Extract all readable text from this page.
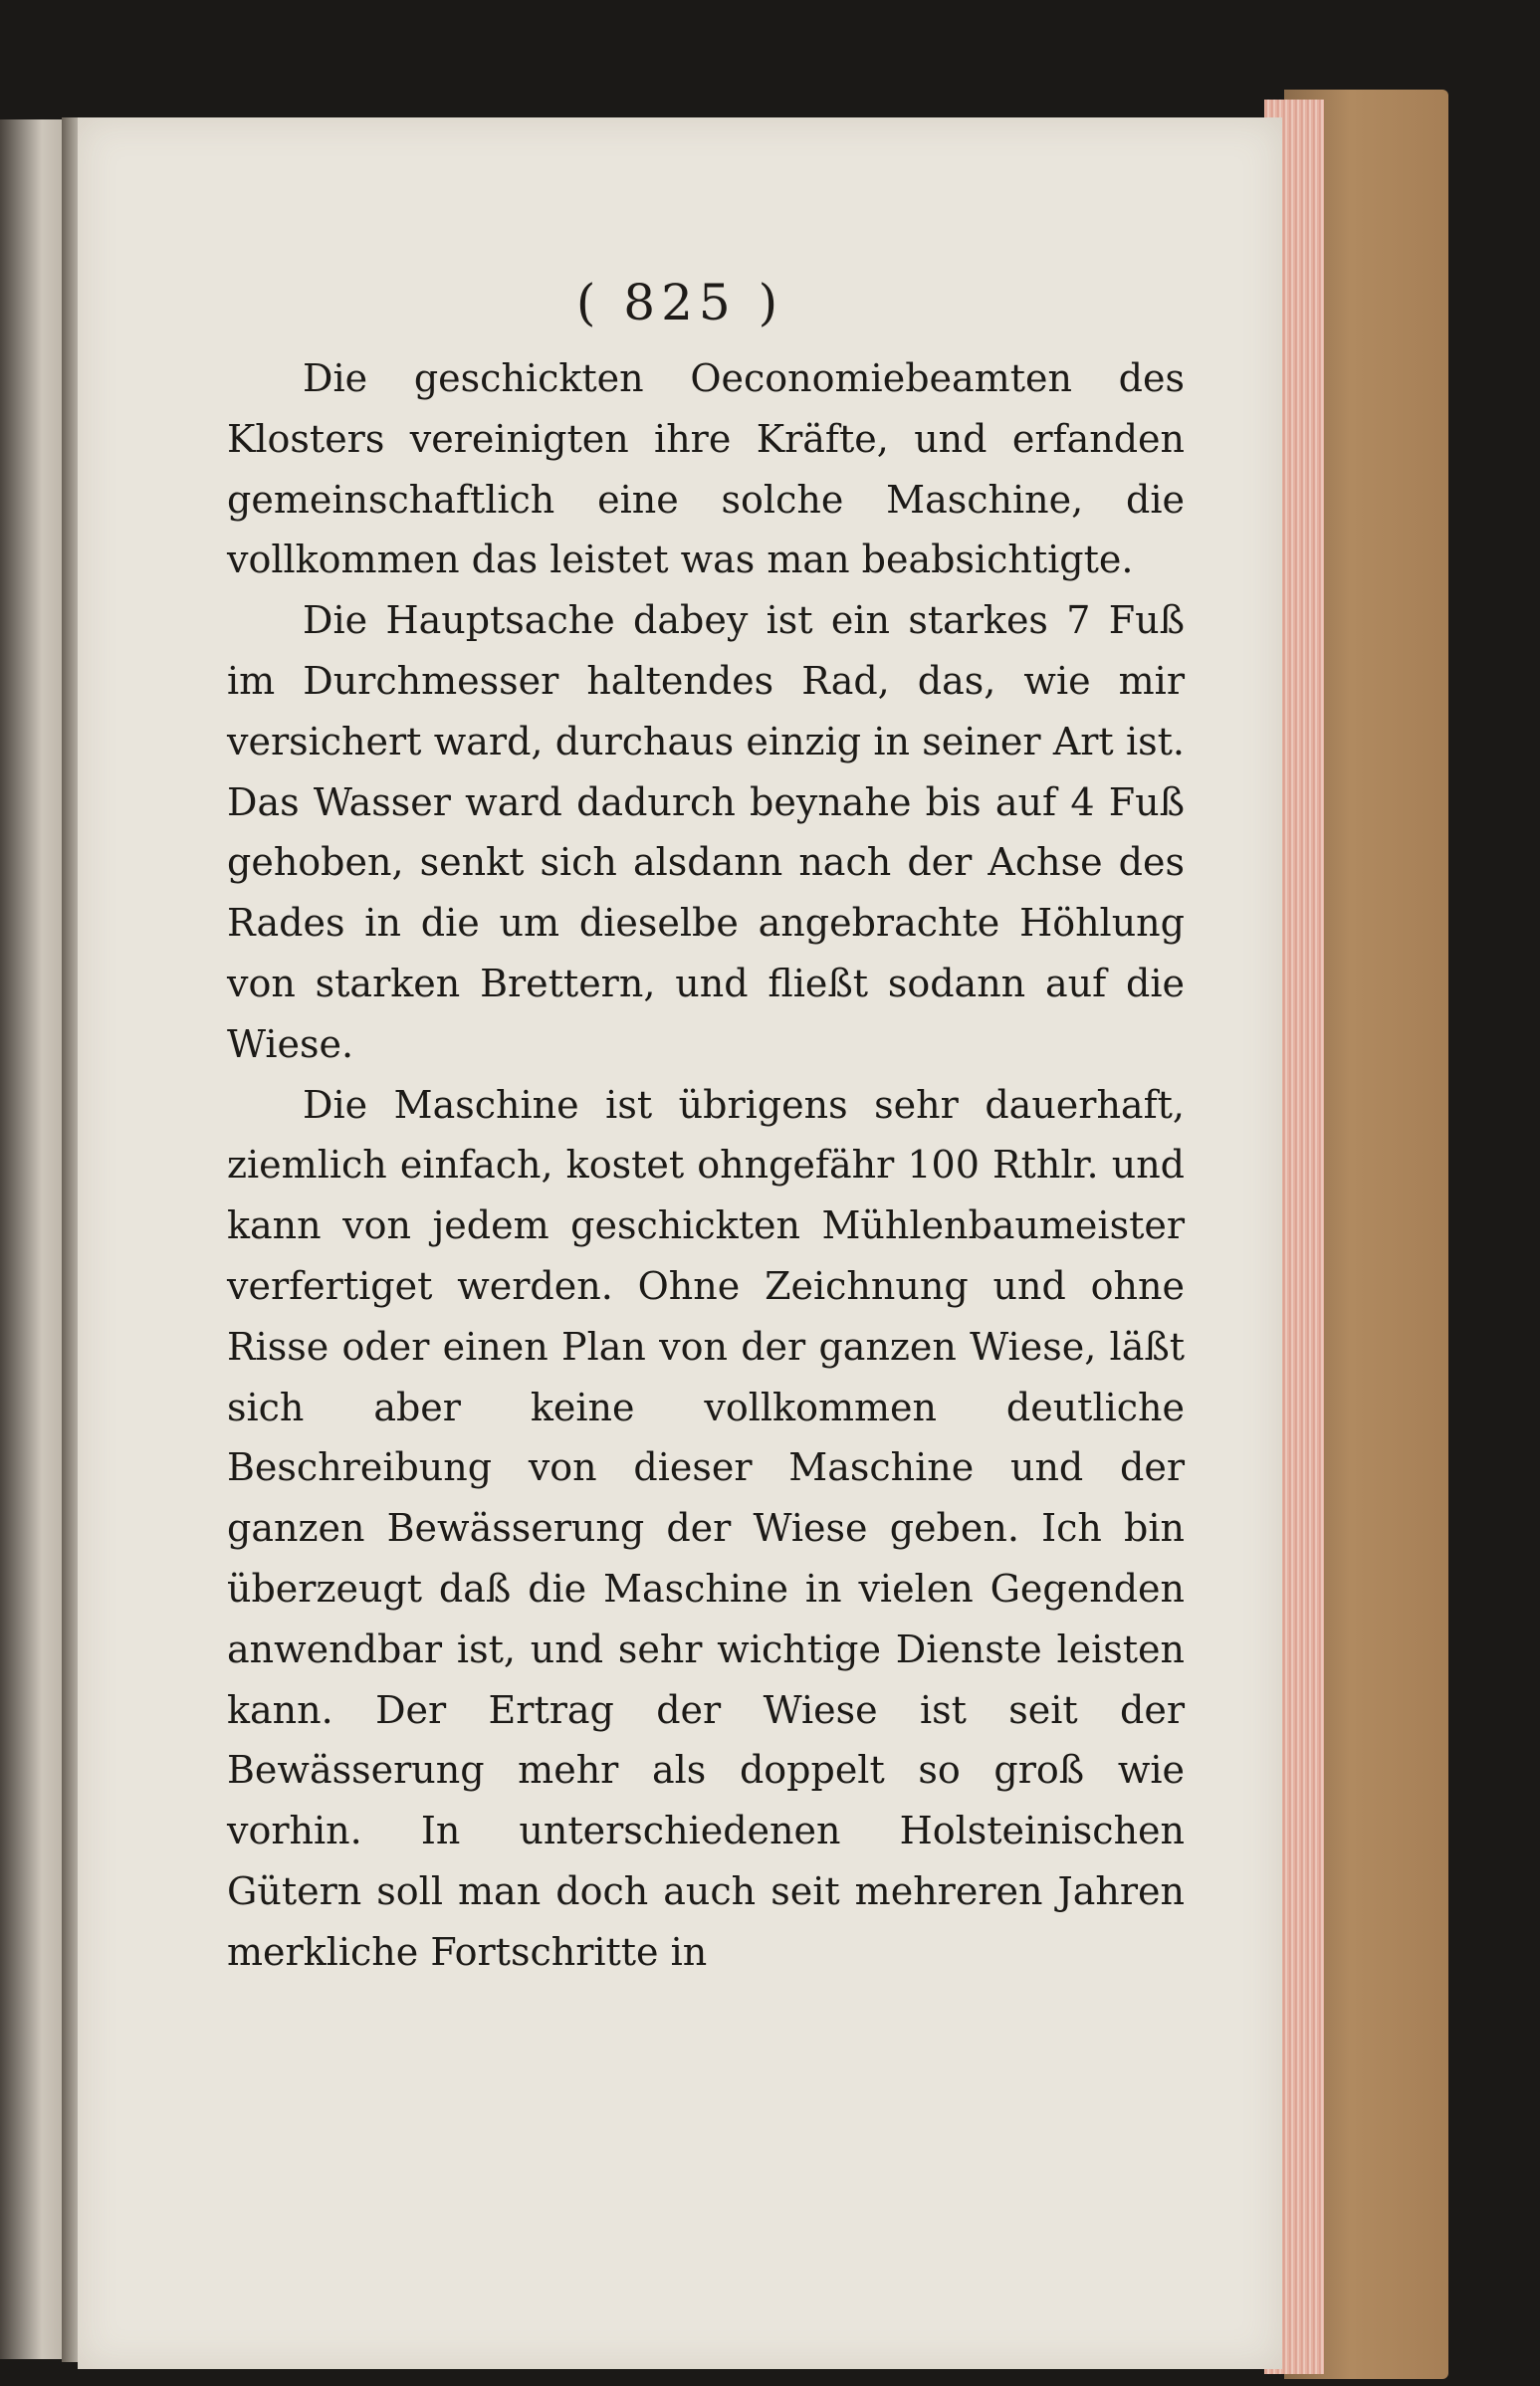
( 825 )

Die geschickten Oeconomiebeamten des Klosters vereinigten ihre Kräfte, und erfanden gemeinschaftlich eine solche Maschine, die vollkommen das leistet was man beabsichtigte.

Die Hauptsache dabey ist ein starkes 7 Fuß im Durchmesser haltendes Rad, das, wie mir versichert ward, durchaus einzig in seiner Art ist. Das Wasser ward dadurch beynahe bis auf 4 Fuß gehoben, senkt sich alsdann nach der Achse des Rades in die um dieselbe angebrachte Höhlung von starken Brettern, und fließt sodann auf die Wiese.

Die Maschine ist übrigens sehr dauerhaft, ziemlich einfach, kostet ohngefähr 100 Rthlr. und kann von jedem geschickten Mühlenbaumeister verfertiget werden. Ohne Zeichnung und ohne Risse oder einen Plan von der ganzen Wiese, läßt sich aber keine vollkommen deutliche Beschreibung von dieser Maschine und der ganzen Bewässerung der Wiese geben. Ich bin überzeugt daß die Maschine in vielen Gegenden anwendbar ist, und sehr wichtige Dienste leisten kann. Der Ertrag der Wiese ist seit der Bewässerung mehr als doppelt so groß wie vorhin. In unterschiedenen Holsteinischen Gütern soll man doch auch seit mehreren Jahren merkliche Fortschritte in
